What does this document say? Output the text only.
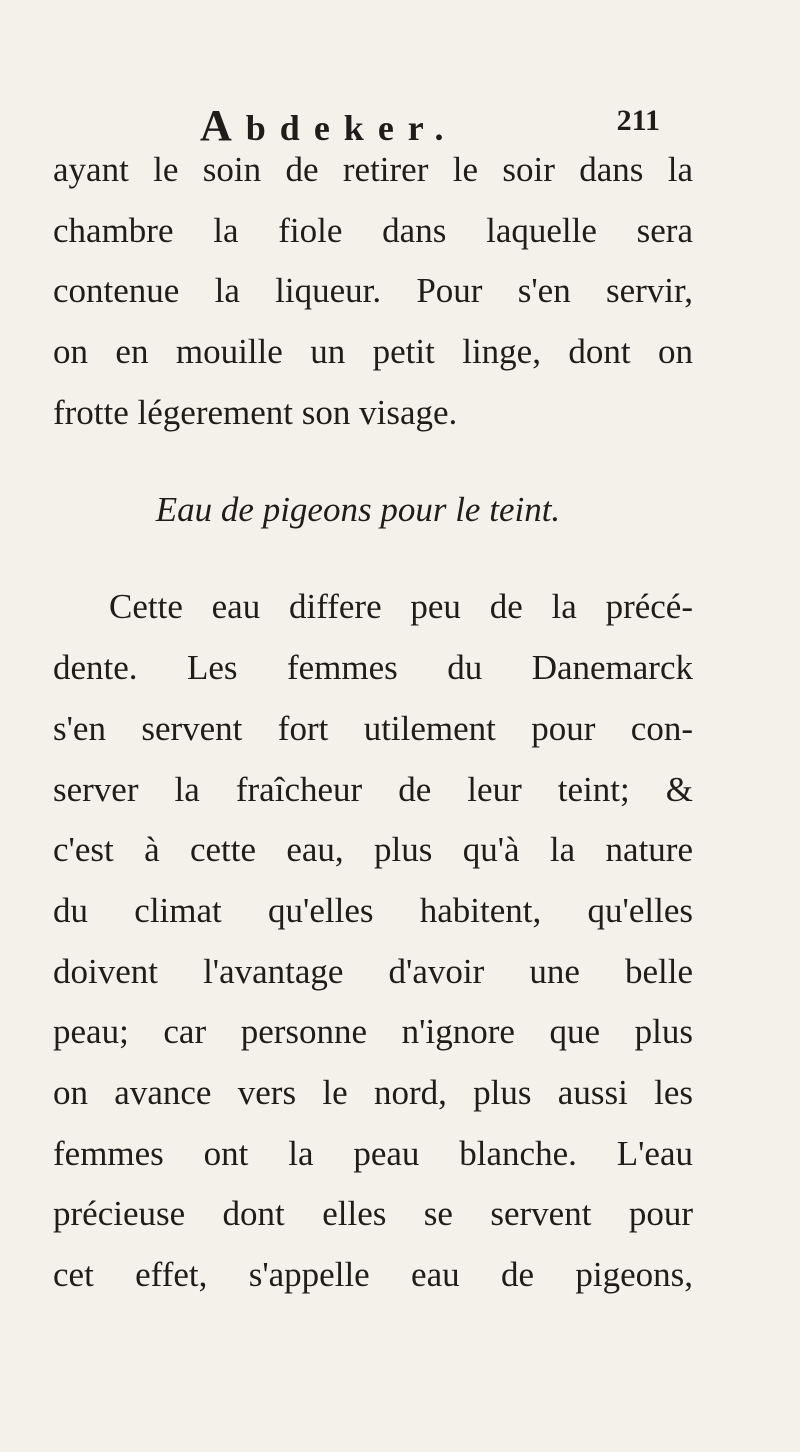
Abdeker.	211
ayant le soin de retirer le soir dans la
chambre la fiole dans laquelle sera
contenue la liqueur. Pour s'en servir,
on en mouille un petit linge, dont on
frotte légerement son visage.
Eau de pigeons pour le teint.
Cette eau differe peu de la précé-
dente. Les femmes du Danemarck
s'en servent fort utilement pour con-
server la fraîcheur de leur teint; &
c'est à cette eau, plus qu'à la nature
du climat qu'elles habitent, qu'elles
doivent l'avantage d'avoir une belle
peau; car personne n'ignore que plus
on avance vers le nord, plus aussi les
femmes ont la peau blanche. L'eau
précieuse dont elles se servent pour
cet effet, s'appelle eau de pigeons,
